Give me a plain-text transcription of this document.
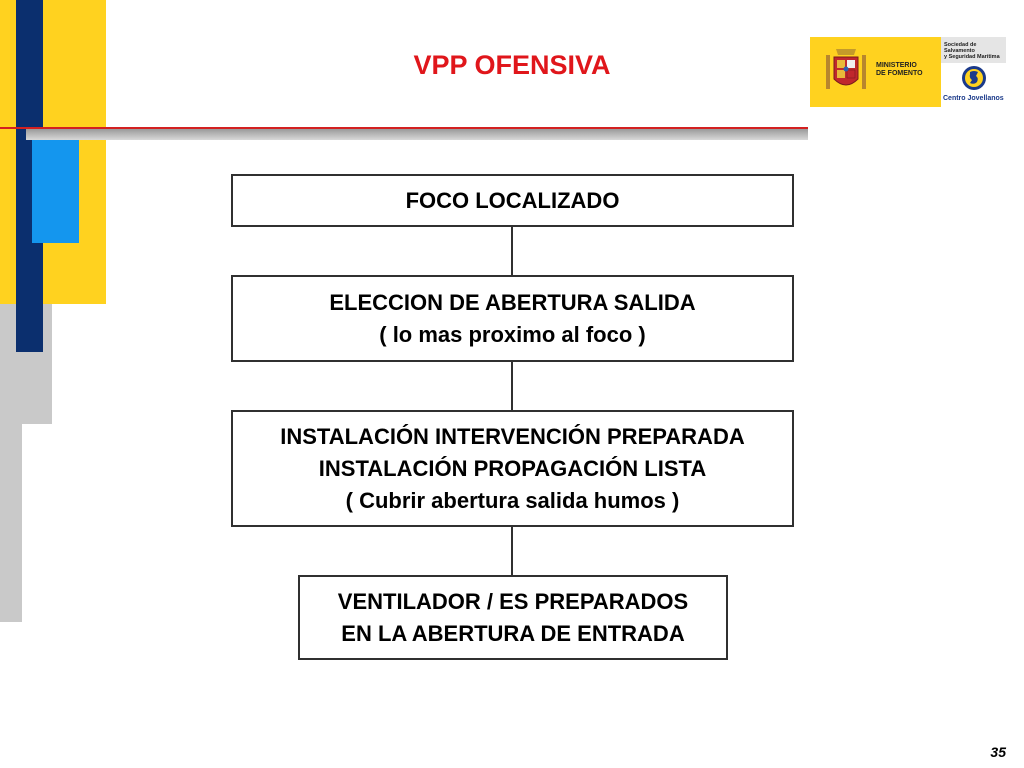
VPP OFENSIVA	MINISTERIO
DE FOMENTO
Sociedad de Salvamento
y Seguridad Marítima
Centro Jovellanos
FOCO LOCALIZADO
ELECCION DE ABERTURA SALIDA
( lo mas proximo al foco )
INSTALACIÓN INTERVENCIÓN PREPARADA
INSTALACIÓN PROPAGACIÓN LISTA
( Cubrir abertura salida humos )
VENTILADOR / ES PREPARADOS
EN LA ABERTURA DE ENTRADA
35
